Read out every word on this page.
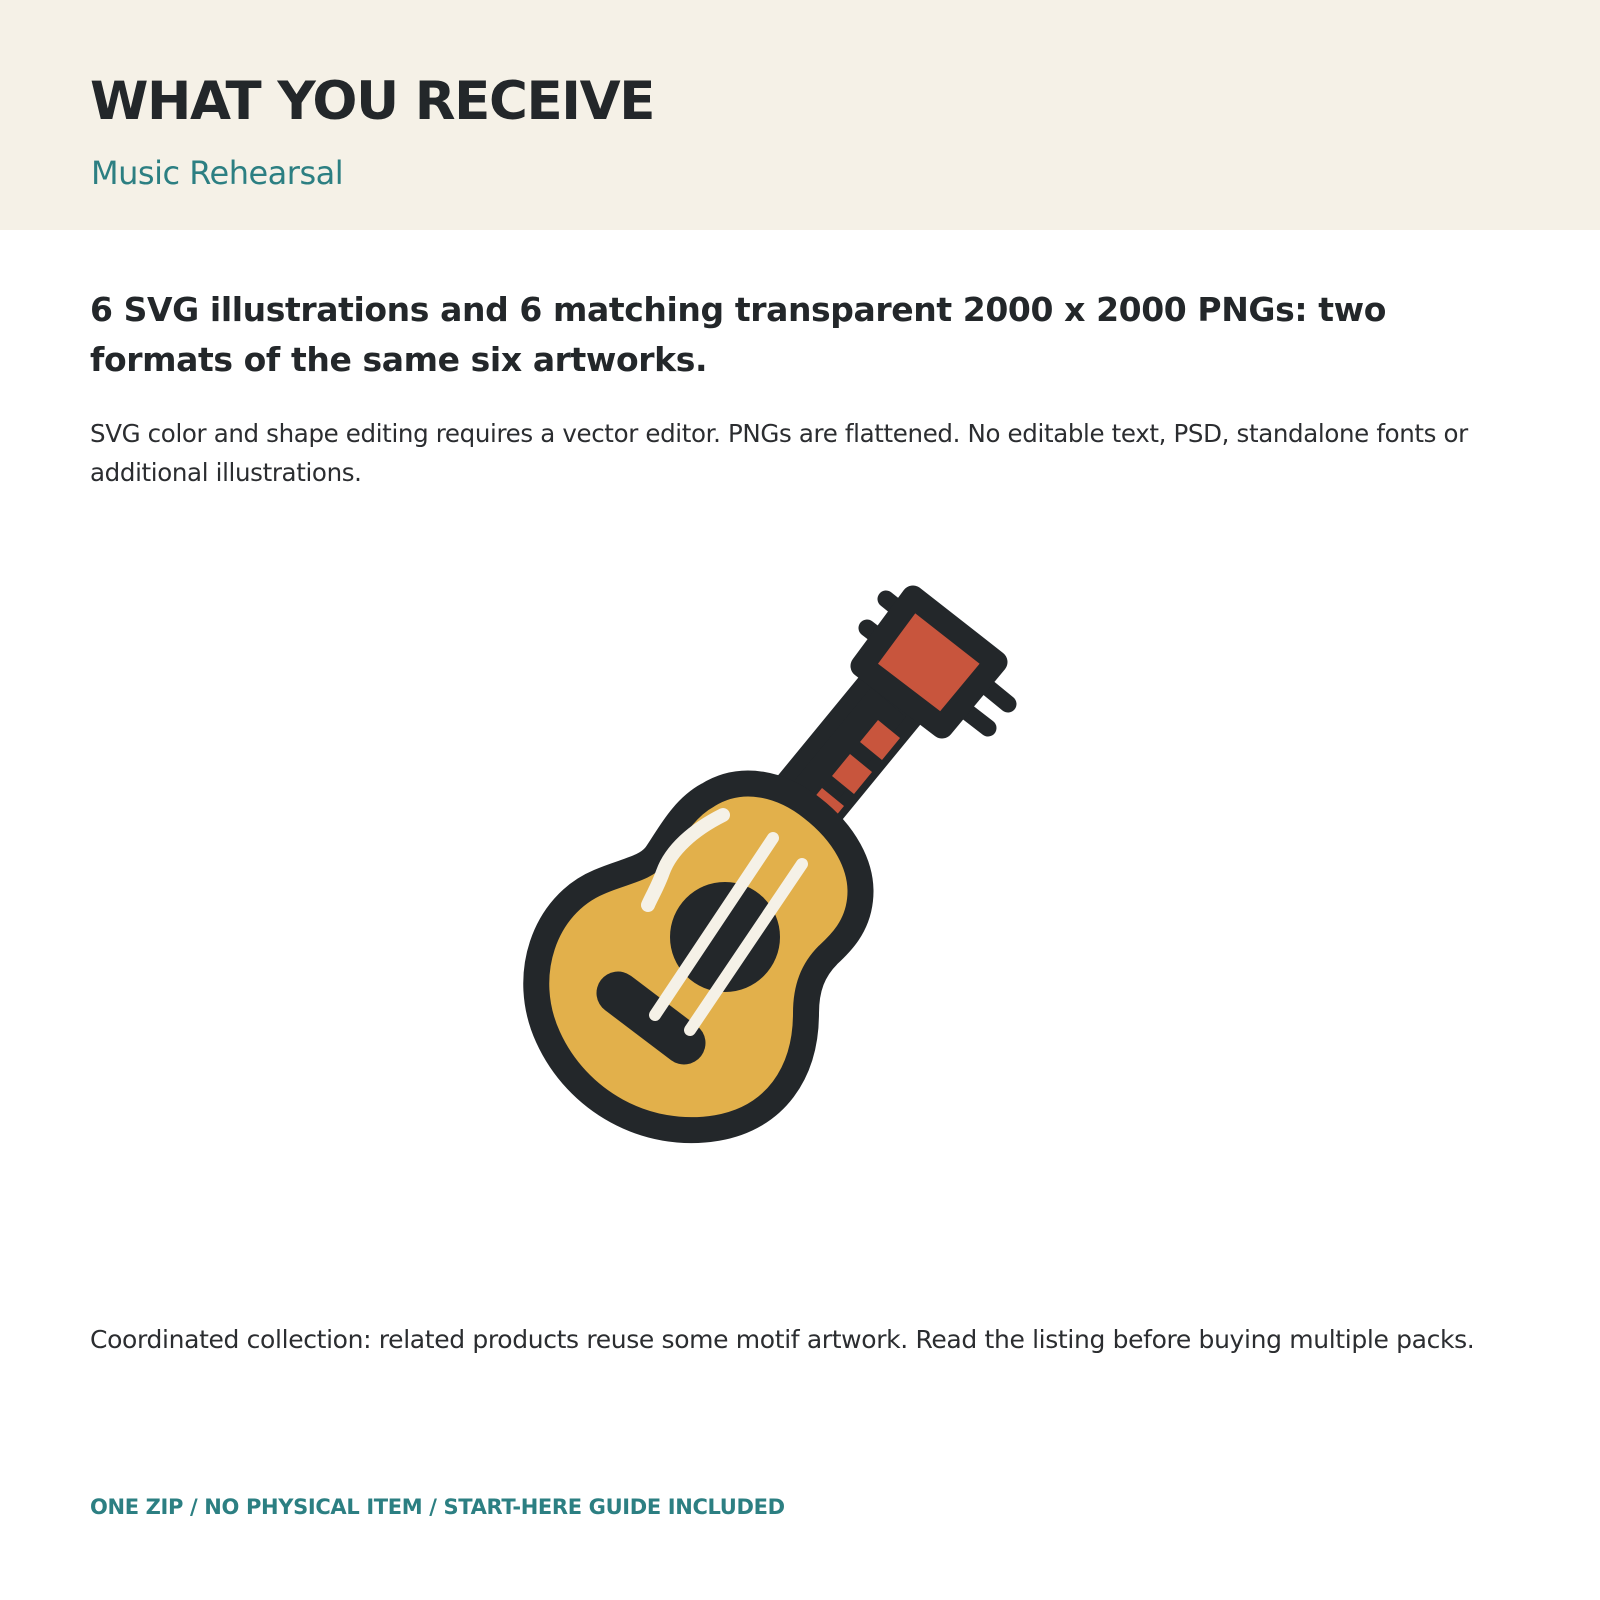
WHAT YOU RECEIVE

Music Rehearsal

6 SVG illustrations and 6 matching transparent 2000 x 2000 PNGs: two formats of the same six artworks.

SVG color and shape editing requires a vector editor. PNGs are flattened. No editable text, PSD, standalone fonts or additional illustrations.

Coordinated collection: related products reuse some motif artwork. Read the listing before buying multiple packs.

ONE ZIP / NO PHYSICAL ITEM / START-HERE GUIDE INCLUDED
